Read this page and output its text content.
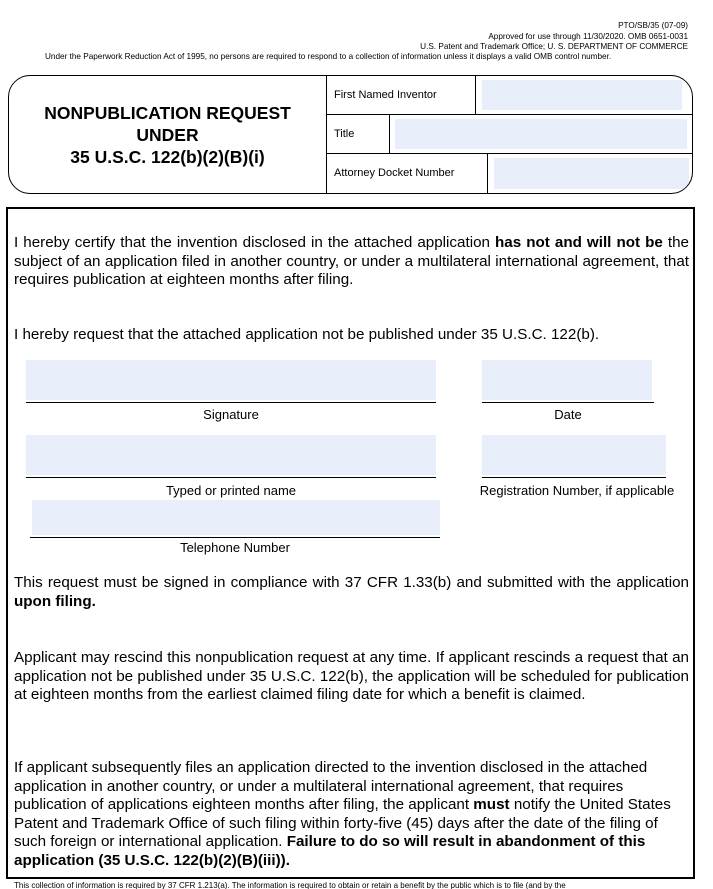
PTO/SB/35 (07-09)
Approved for use through 11/30/2020. OMB 0651-0031
U.S. Patent and Trademark Office; U. S. DEPARTMENT OF COMMERCE
Under the Paperwork Reduction Act of 1995, no persons are required to respond to a collection of information unless it displays a valid OMB control number.
NONPUBLICATION REQUEST
UNDER
35 U.S.C. 122(b)(2)(B)(i)
First Named Inventor
Title
Attorney Docket Number

I hereby certify that the invention disclosed in the attached application has not and will not be the subject of an application filed in another country, or under a multilateral international agreement, that requires publication at eighteen months after filing.

I hereby request that the attached application not be published under 35 U.S.C. 122(b).

Signature	Date
Typed or printed name	Registration Number, if applicable
Telephone Number

This request must be signed in compliance with 37 CFR 1.33(b) and submitted with the application upon filing.

Applicant may rescind this nonpublication request at any time. If applicant rescinds a request that an application not be published under 35 U.S.C. 122(b), the application will be scheduled for publication at eighteen months from the earliest claimed filing date for which a benefit is claimed.

If applicant subsequently files an application directed to the invention disclosed in the attached application in another country, or under a multilateral international agreement, that requires publication of applications eighteen months after filing, the applicant must notify the United States Patent and Trademark Office of such filing within forty-five (45) days after the date of the filing of such foreign or international application. Failure to do so will result in abandonment of this application (35 U.S.C. 122(b)(2)(B)(iii)).

This collection of information is required by 37 CFR 1.213(a). The information is required to obtain or retain a benefit by the public which is to file (and by the
